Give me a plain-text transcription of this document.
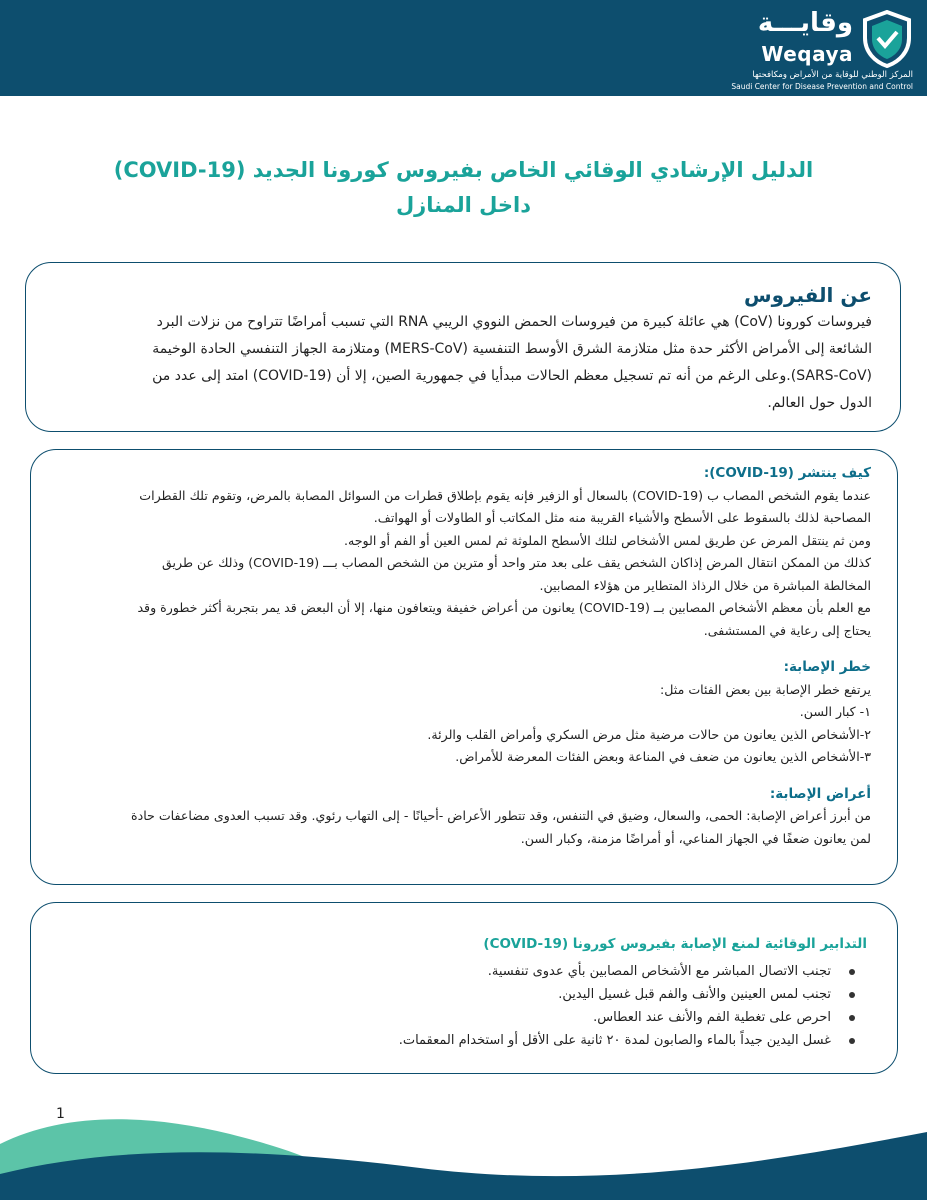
وقايـــة
Weqaya
المركز الوطني للوقاية من الأمراض ومكافحتها
Saudi Center for Disease Prevention and Control
الدليل الإرشادي الوقائي الخاص بفيروس كورونا الجديد (COVID-19)
داخل المنازل
عن الفيروس
فيروسات كورونا (CoV) هي عائلة كبيرة من فيروسات الحمض النووي الريبي RNA التي تسبب أمراضًا تتراوح من نزلات البرد
الشائعة إلى الأمراض الأكثر حدة مثل متلازمة الشرق الأوسط التنفسية (MERS-CoV) ومتلازمة الجهاز التنفسي الحادة الوخيمة
(SARS-CoV).وعلى الرغم من أنه تم تسجيل معظم الحالات مبدأيا في جمهورية الصين، إلا أن (COVID-19) امتد إلى عدد من
الدول حول العالم.
كيف ينتشر (COVID-19):
عندما يقوم الشخص المصاب ب (COVID-19) بالسعال أو الزفير فإنه يقوم بإطلاق قطرات من السوائل المصابة بالمرض، وتقوم تلك القطرات
المصاحبة لذلك بالسقوط على الأسطح والأشياء القريبة منه مثل المكاتب أو الطاولات أو الهواتف.
ومن ثم ينتقل المرض عن طريق لمس الأشخاص لتلك الأسطح الملوثة ثم لمس العين أو الفم أو الوجه.
كذلك من الممكن انتقال المرض إذاكان الشخص يقف على بعد متر واحد أو مترين من الشخص المصاب بـــ (COVID-19) وذلك عن طريق
المخالطة المباشرة من خلال الرذاذ المتطاير من هؤلاء المصابين.
مع العلم بأن معظم الأشخاص المصابين بــ (COVID-19) يعانون من أعراض خفيفة ويتعافون منها، إلا أن البعض قد يمر بتجربة أكثر خطورة وقد
يحتاج إلى رعاية في المستشفى.
خطر الإصابة:
يرتفع خطر الإصابة بين بعض الفئات مثل:
١- كبار السن.
٢-الأشخاص الذين يعانون من حالات مرضية مثل مرض السكري وأمراض القلب والرئة.
٣-الأشخاص الذين يعانون من ضعف في المناعة وبعض الفئات المعرضة للأمراض.
أعراض الإصابة:
من أبرز أعراض الإصابة: الحمى، والسعال، وضيق في التنفس، وقد تتطور الأعراض -أحيانًا - إلى التهاب رئوي. وقد تسبب العدوى مضاعفات حادة
لمن يعانون ضعفًا في الجهاز المناعي، أو أمراضًا مزمنة، وكبار السن.
التدابير الوقائية لمنع الإصابة بفيروس كورونا (COVID-19)
تجنب الاتصال المباشر مع الأشخاص المصابين بأي عدوى تنفسية.
تجنب لمس العينين والأنف والفم قبل غسيل اليدين.
احرص على تغطية الفم والأنف عند العطاس.
غسل اليدين جيداً بالماء والصابون لمدة ٢٠ ثانية على الأقل أو استخدام المعقمات.
1
